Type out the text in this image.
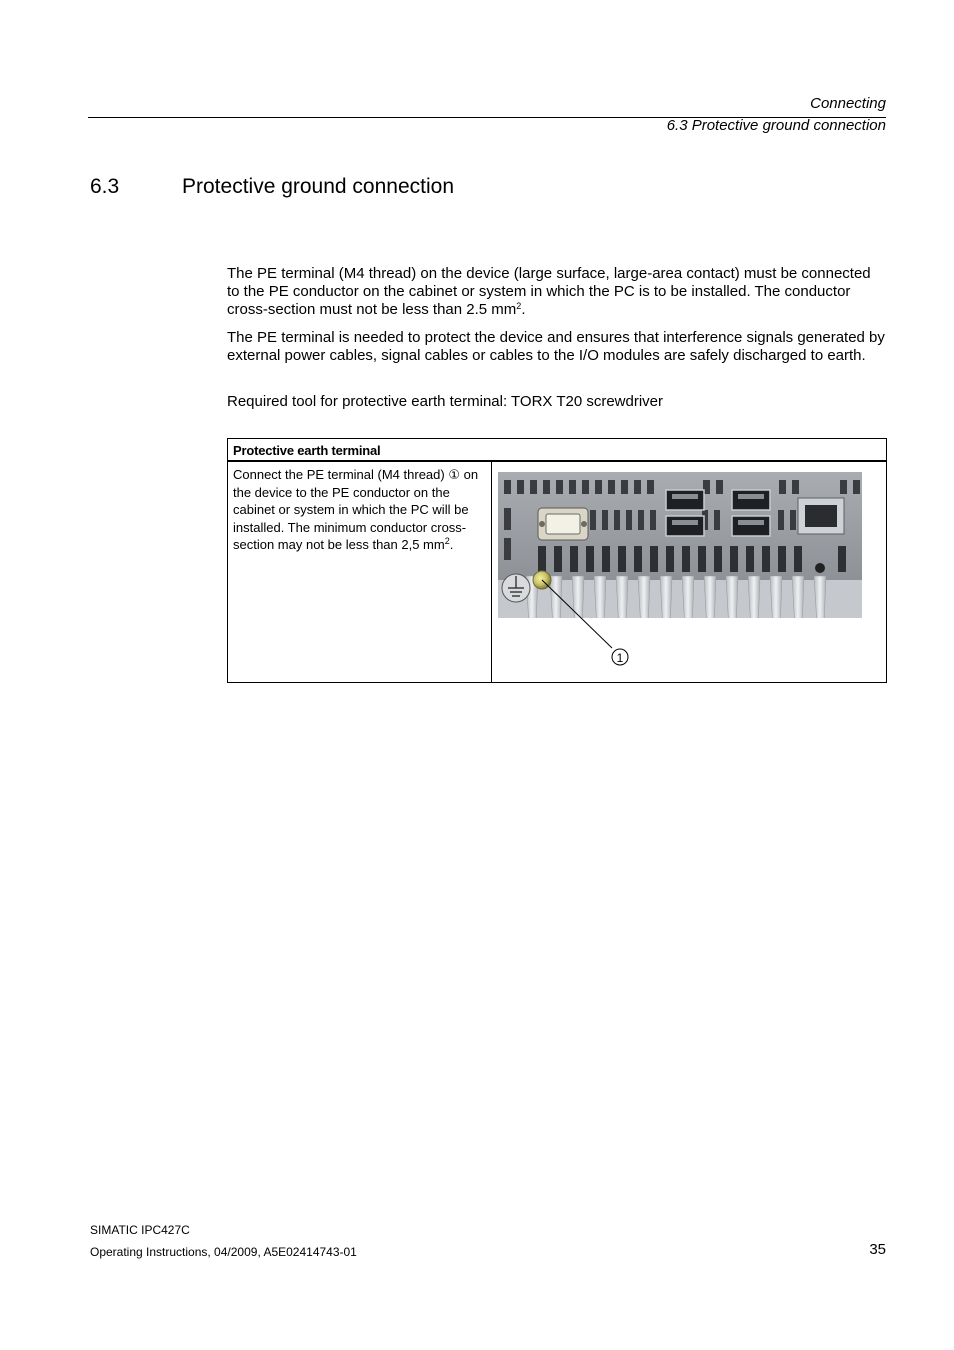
Connecting
6.3 Protective ground connection
6.3	Protective ground connection

The PE terminal (M4 thread) on the device (large surface, large-area contact) must be connected to the PE conductor on the cabinet or system in which the PC is to be installed. The conductor cross-section must not be less than 2.5 $mm^2$.

The PE terminal is needed to protect the device and ensures that interference signals generated by external power cables, signal cables or cables to the I/O modules are safely discharged to earth.

Required tool for protective earth terminal: TORX T20 screwdriver

Protective earth terminal
Connect the PE terminal (M4 thread) ① on the device to the PE conductor on the cabinet or system in which the PC will be installed. The minimum conductor cross-section may not be less than 2,5 $mm^2$.
1
SIMATIC IPC427C
Operating Instructions, 04/2009, A5E02414743-01	35
